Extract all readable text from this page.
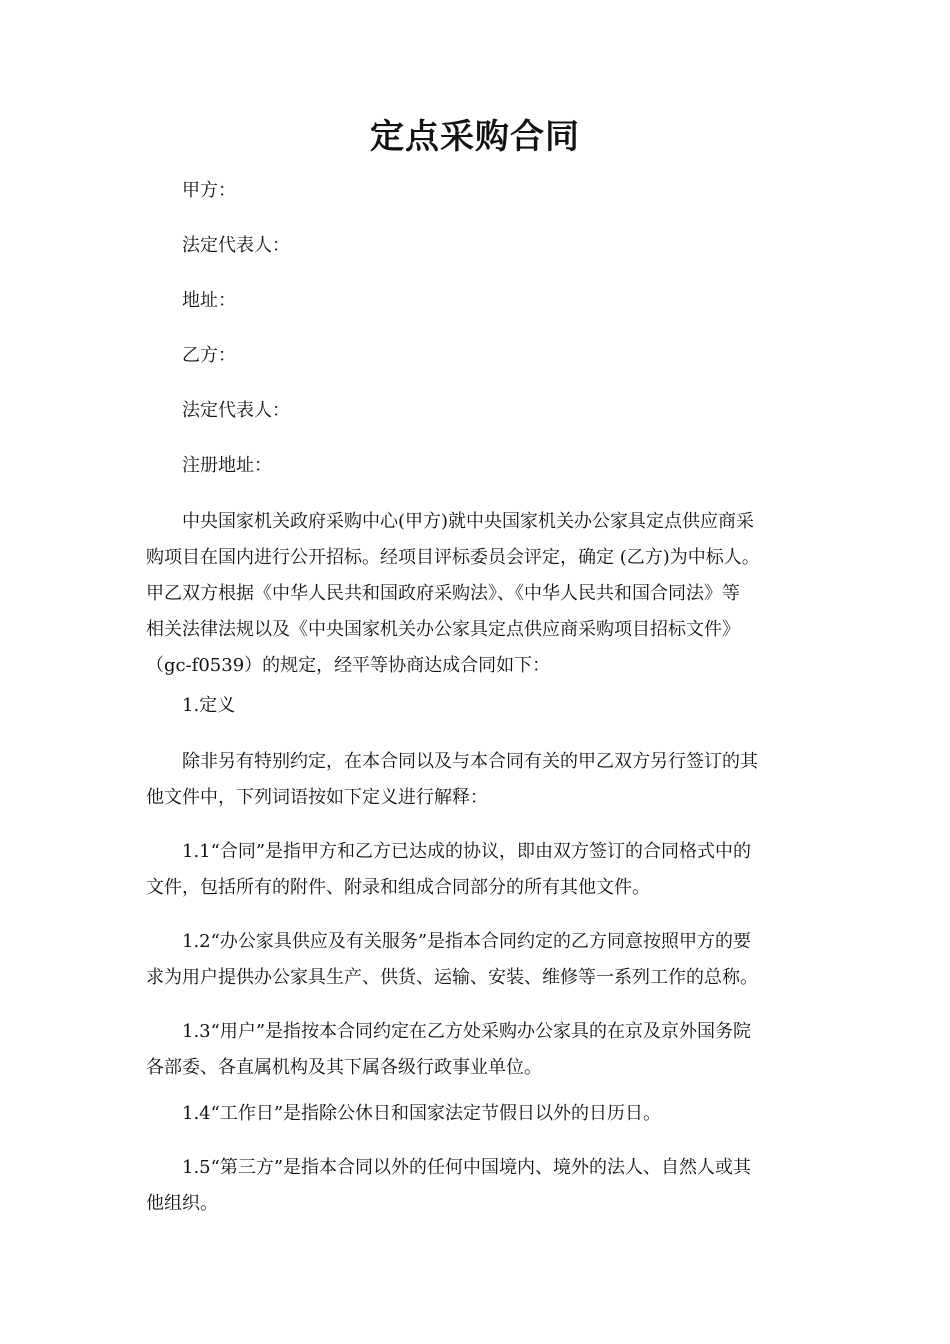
定点采购合同
甲方：
法定代表人：
地址：
乙方：
法定代表人：
注册地址：
中央国家机关政府采购中心(甲方)就中央国家机关办公家具定点供应商采
购项目在国内进行公开招标。经项目评标委员会评定，确定 (乙方)为中标人。
甲乙双方根据《中华人民共和国政府采购法》、《中华人民共和国合同法》等
相关法律法规以及《中央国家机关办公家具定点供应商采购项目招标文件》
（gc-f0539）的规定，经平等协商达成合同如下：
1.定义
除非另有特别约定，在本合同以及与本合同有关的甲乙双方另行签订的其
他文件中，下列词语按如下定义进行解释：
1.1“合同”是指甲方和乙方已达成的协议，即由双方签订的合同格式中的
文件，包括所有的附件、附录和组成合同部分的所有其他文件。
1.2“办公家具供应及有关服务”是指本合同约定的乙方同意按照甲方的要
求为用户提供办公家具生产、供货、运输、安装、维修等一系列工作的总称。
1.3“用户”是指按本合同约定在乙方处采购办公家具的在京及京外国务院
各部委、各直属机构及其下属各级行政事业单位。
1.4“工作日”是指除公休日和国家法定节假日以外的日历日。
1.5“第三方”是指本合同以外的任何中国境内、境外的法人、自然人或其
他组织。
